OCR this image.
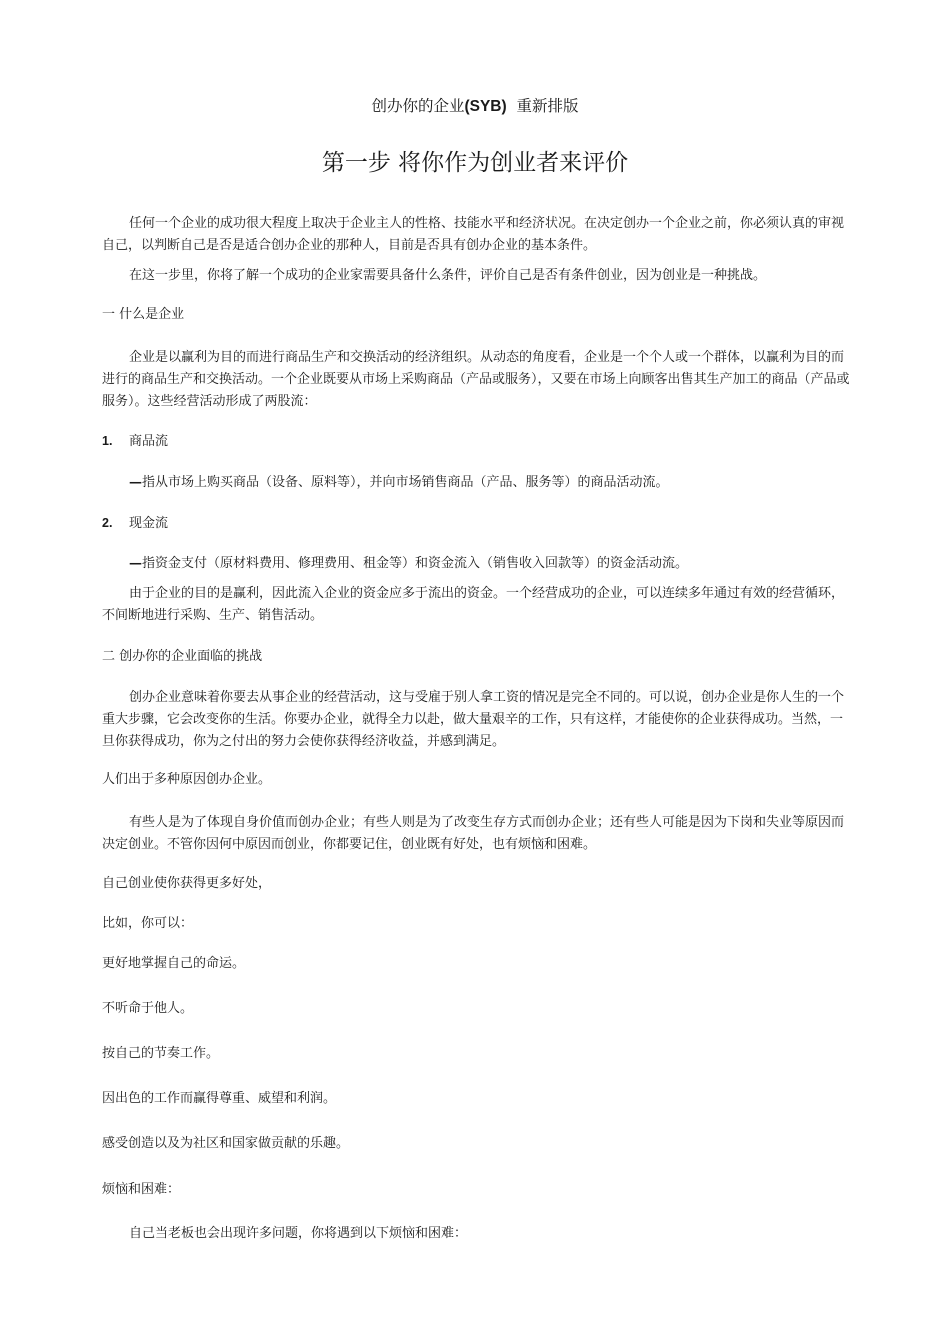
创办你的企业(SYB) 重新排版
第一步 将你作为创业者来评价

任何一个企业的成功很大程度上取决于企业主人的性格、技能水平和经济状况。在决定创办一个企业之前，你必须认真的审视自己，以判断自己是否是适合创办企业的那种人，目前是否具有创办企业的基本条件。

在这一步里，你将了解一个成功的企业家需要具备什么条件，评价自己是否有条件创业，因为创业是一种挑战。

一 什么是企业

企业是以赢利为目的而进行商品生产和交换活动的经济组织。从动态的角度看，企业是一个个人或一个群体，以赢利为目的而进行的商品生产和交换活动。一个企业既要从市场上采购商品（产品或服务），又要在市场上向顾客出售其生产加工的商品（产品或服务）。这些经营活动形成了两股流：

1. 商品流

—指从市场上购买商品（设备、原料等），并向市场销售商品（产品、服务等）的商品活动流。

2. 现金流

—指资金支付（原材料费用、修理费用、租金等）和资金流入（销售收入回款等）的资金活动流。

由于企业的目的是赢利，因此流入企业的资金应多于流出的资金。一个经营成功的企业，可以连续多年通过有效的经营循环，不间断地进行采购、生产、销售活动。

二 创办你的企业面临的挑战

创办企业意味着你要去从事企业的经营活动，这与受雇于别人拿工资的情况是完全不同的。可以说，创办企业是你人生的一个重大步骤，它会改变你的生活。你要办企业，就得全力以赴，做大量艰辛的工作，只有这样，才能使你的企业获得成功。当然，一旦你获得成功，你为之付出的努力会使你获得经济收益，并感到满足。

人们出于多种原因创办企业。

有些人是为了体现自身价值而创办企业；有些人则是为了改变生存方式而创办企业；还有些人可能是因为下岗和失业等原因而决定创业。不管你因何中原因而创业，你都要记住，创业既有好处，也有烦恼和困难。

自己创业使你获得更多好处，

比如，你可以：

更好地掌握自己的命运。

不听命于他人。

按自己的节奏工作。

因出色的工作而赢得尊重、威望和利润。

感受创造以及为社区和国家做贡献的乐趣。

烦恼和困难：

自己当老板也会出现许多问题，你将遇到以下烦恼和困难：
